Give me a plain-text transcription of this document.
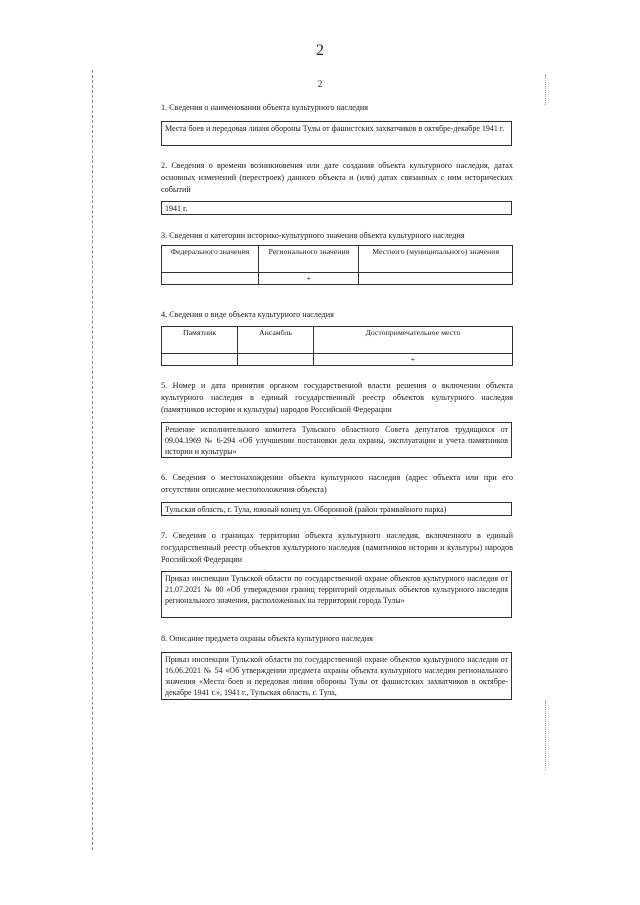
2
2
1. Сведения о наименовании объекта культурного наследия
Места боев и передовая линия обороны Тулы от фашистских захватчиков в октябре-декабре 1941 г.
2. Сведения о времени возникновения или дате создания объекта культурного наследия, датах основных изменений (перестроек) данного объекта и (или) датах связанных с ним исторических событий
1941 г.
3. Сведения о категории историко-культурного значения объекта культурного наследия
Федерального значения	Регионального значения	Местного (муниципального) значения
	+	
4. Сведения о виде объекта культурного наследия
Памятник	Ансамбль	Достопримечательное место
		+
5. Номер и дата принятия органом государственной власти решения о включении объекта культурного наследия в единый государственный реестр объектов культурного наследия (памятников истории и культуры) народов Российской Федерации
Решение исполнительного комитета Тульского областного Совета депутатов трудящихся от 09.04.1969 № 6-294 «Об улучшении постановки дела охраны, эксплуатации и учета памятников истории и культуры»
6. Сведения о местонахождении объекта культурного наследия (адрес объекта или при его отсутствии описание местоположения объекта)
Тульская область, г. Тула, южный конец ул. Оборонной (район трамвайного парка)
7. Сведения о границах территории объекта культурного наследия, включенного в единый государственный реестр объектов культурного наследия (памятников истории и культуры) народов Российской Федерации
Приказ инспекции Тульской области по государственной охране объектов культурного наследия от 21.07.2021 № 80 «Об утверждении границ территорий отдельных объектов культурного наследия регионального значения, расположенных на территории города Тулы»
8. Описание предмета охраны объекта культурного наследия
Приказ инспекции Тульской области по государственной охране объектов культурного наследия от 16.06.2021 № 54 «Об утверждении предмета охраны объекта культурного наследия регионального значения «Места боев и передовая линия обороны Тулы от фашистских захватчиков в октябре-декабре 1941 г.», 1941 г., Тульская область, г. Тула,
